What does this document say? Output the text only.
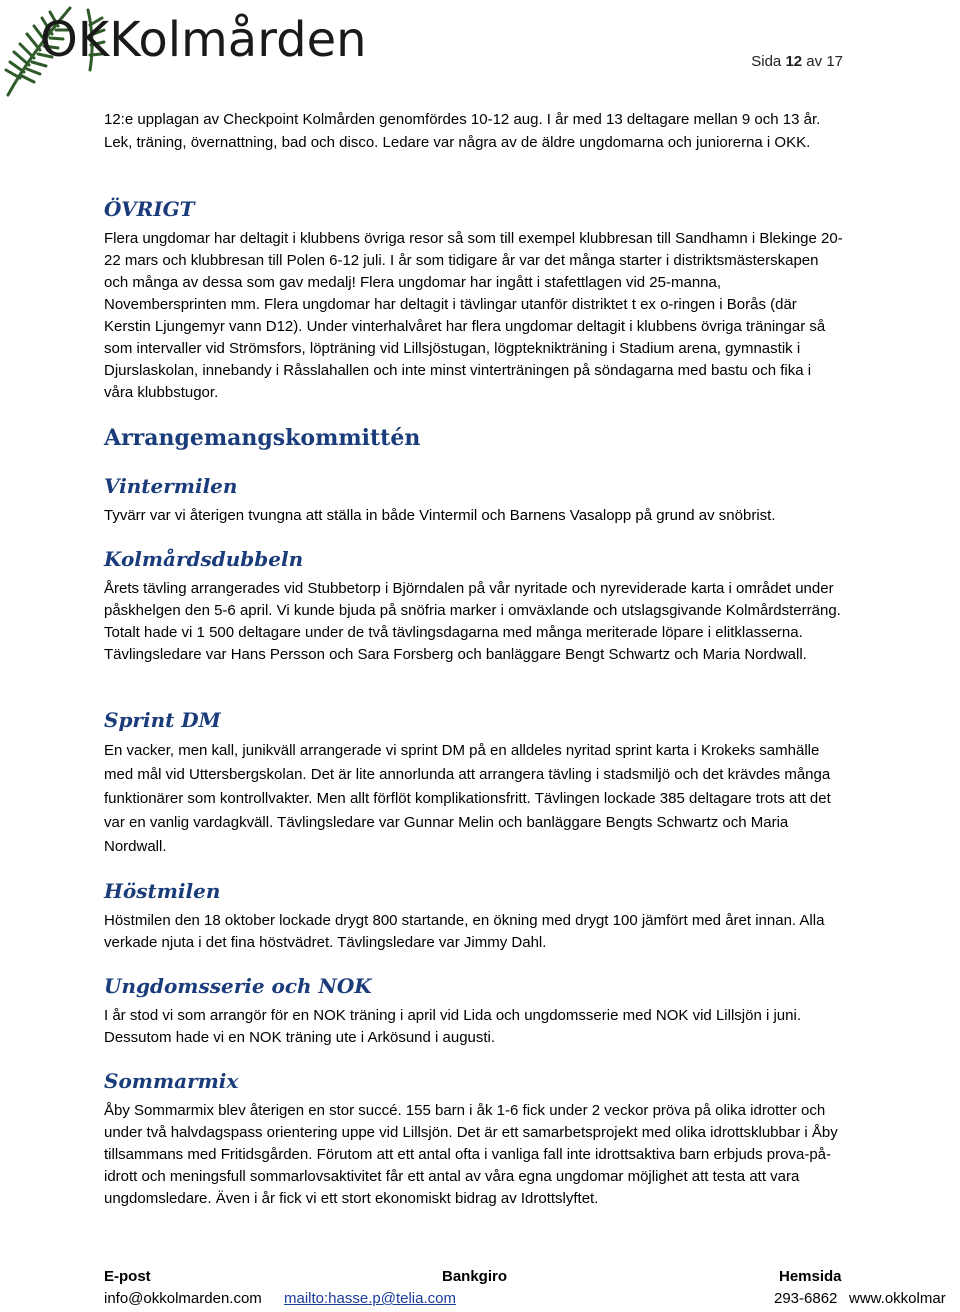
OKKolmården	Sida 12 av 17

12:e upplagan av Checkpoint Kolmården genomfördes 10-12 aug. I år med 13 deltagare mellan 9 och 13 år. Lek, träning, övernattning, bad och disco. Ledare var några av de äldre ungdomarna och juniorerna i OKK.

ÖVRIGT

Flera ungdomar har deltagit i klubbens övriga resor så som till exempel klubbresan till Sandhamn i Blekinge 20-22 mars och klubbresan till Polen 6-12 juli. I år som tidigare år var det många starter i distriktsmästerskapen och många av dessa som gav medalj! Flera ungdomar har ingått i stafettlagen vid 25-manna, Novembersprinten mm. Flera ungdomar har deltagit i tävlingar utanför distriktet t ex o-ringen i Borås (där Kerstin Ljungemyr vann D12). Under vinterhalvåret har flera ungdomar deltagit i klubbens övriga träningar så som intervaller vid Strömsfors, löpträning vid Lillsjöstugan, lögpteknikträning i Stadium arena, gymnastik i Djurslaskolan, innebandy i Råsslahallen och inte minst vinterträningen på söndagarna med bastu och fika i våra klubbstugor.

Arrangemangskommittén
Vintermilen

Tyvärr var vi återigen tvungna att ställa in både Vintermil och Barnens Vasalopp på grund av snöbrist.

Kolmårdsdubbeln

Årets tävling arrangerades vid Stubbetorp i Björndalen på vår nyritade och nyreviderade karta i området under påskhelgen den 5-6 april. Vi kunde bjuda på snöfria marker i omväxlande och utslagsgivande Kolmårdsterräng. Totalt hade vi 1 500 deltagare under de två tävlingsdagarna med många meriterade löpare i elitklasserna. Tävlingsledare var Hans Persson och Sara Forsberg och banläggare Bengt Schwartz och Maria Nordwall.

Sprint DM

En vacker, men kall, junikväll arrangerade vi sprint DM på en alldeles nyritad sprint karta i Krokeks samhälle med mål vid Uttersbergskolan. Det är lite annorlunda att arrangera tävling i stadsmiljö och det krävdes många funktionärer som kontrollvakter. Men allt förflöt komplikationsfritt. Tävlingen lockade 385 deltagare trots att det var en vanlig vardagkväll. Tävlingsledare var Gunnar Melin och banläggare Bengts Schwartz och Maria Nordwall.

Höstmilen

Höstmilen den 18 oktober lockade drygt 800 startande, en ökning med drygt 100 jämfört med året innan. Alla verkade njuta i det fina höstvädret. Tävlingsledare var Jimmy Dahl.

Ungdomsserie och NOK

I år stod vi som arrangör för en NOK träning i april vid Lida och ungdomsserie med NOK vid Lillsjön i juni. Dessutom hade vi en NOK träning ute i Arkösund i augusti.

Sommarmix

Åby Sommarmix blev återigen en stor succé. 155 barn i åk 1-6 fick under 2 veckor pröva på olika idrotter och under två halvdagspass orientering uppe vid Lillsjön. Det är ett samarbetsprojekt med olika idrottsklubbar i Åby tillsammans med Fritidsgården. Förutom att ett antal ofta i vanliga fall inte idrottsaktiva barn erbjuds prova-på- idrott och meningsfull sommarlovsaktivitet får ett antal av våra egna ungdomar möjlighet att testa att vara ungdomsledare. Även i år fick vi ett stort ekonomiskt bidrag av Idrottslyftet.

E-post	Bankgiro	Hemsida
info@okkolmarden.com mailto:hasse.p@telia.com	293-6862 www.okkolmar
